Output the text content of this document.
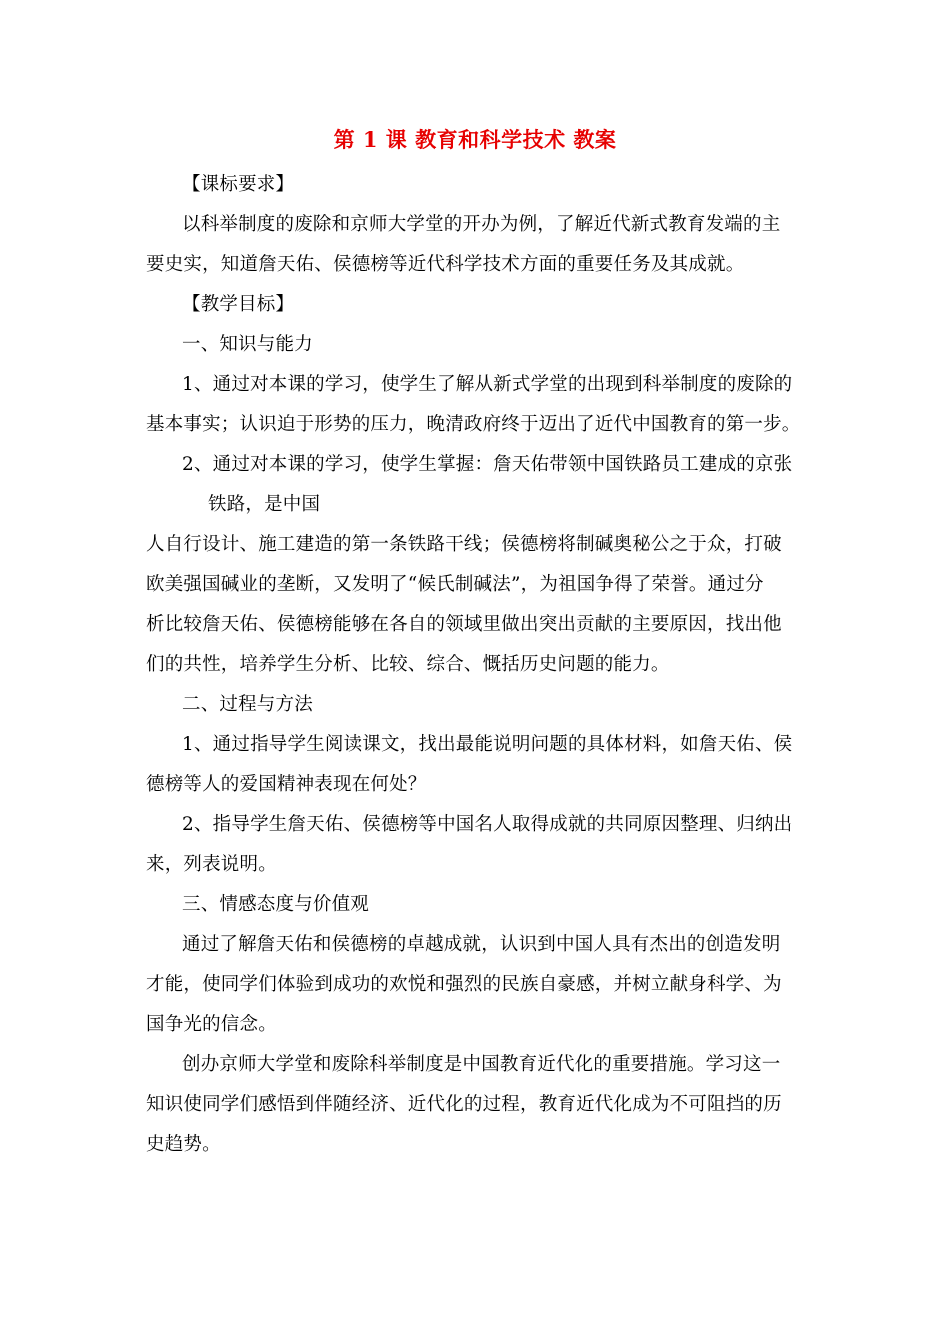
第 1 课 教育和科学技术 教案
【课标要求】
以科举制度的废除和京师大学堂的开办为例，了解近代新式教育发端的主
要史实，知道詹天佑、侯德榜等近代科学技术方面的重要任务及其成就。
【教学目标】
一、知识与能力
1、通过对本课的学习，使学生了解从新式学堂的出现到科举制度的废除的
基本事实；认识迫于形势的压力，晚清政府终于迈出了近代中国教育的第一步。
2、通过对本课的学习，使学生掌握：詹天佑带领中国铁路员工建成的京张
铁路，是中国
人自行设计、施工建造的第一条铁路干线；侯德榜将制碱奥秘公之于众，打破
欧美强国碱业的垄断，又发明了“候氏制碱法”，为祖国争得了荣誉。通过分
析比较詹天佑、侯德榜能够在各自的领域里做出突出贡献的主要原因，找出他
们的共性，培养学生分析、比较、综合、慨括历史问题的能力。
二、过程与方法
1、通过指导学生阅读课文，找出最能说明问题的具体材料，如詹天佑、侯
德榜等人的爱国精神表现在何处？
2、指导学生詹天佑、侯德榜等中国名人取得成就的共同原因整理、归纳出
来，列表说明。
三、情感态度与价值观
通过了解詹天佑和侯德榜的卓越成就，认识到中国人具有杰出的创造发明
才能，使同学们体验到成功的欢悦和强烈的民族自豪感，并树立献身科学、为
国争光的信念。
创办京师大学堂和废除科举制度是中国教育近代化的重要措施。学习这一
知识使同学们感悟到伴随经济、近代化的过程，教育近代化成为不可阻挡的历
史趋势。
